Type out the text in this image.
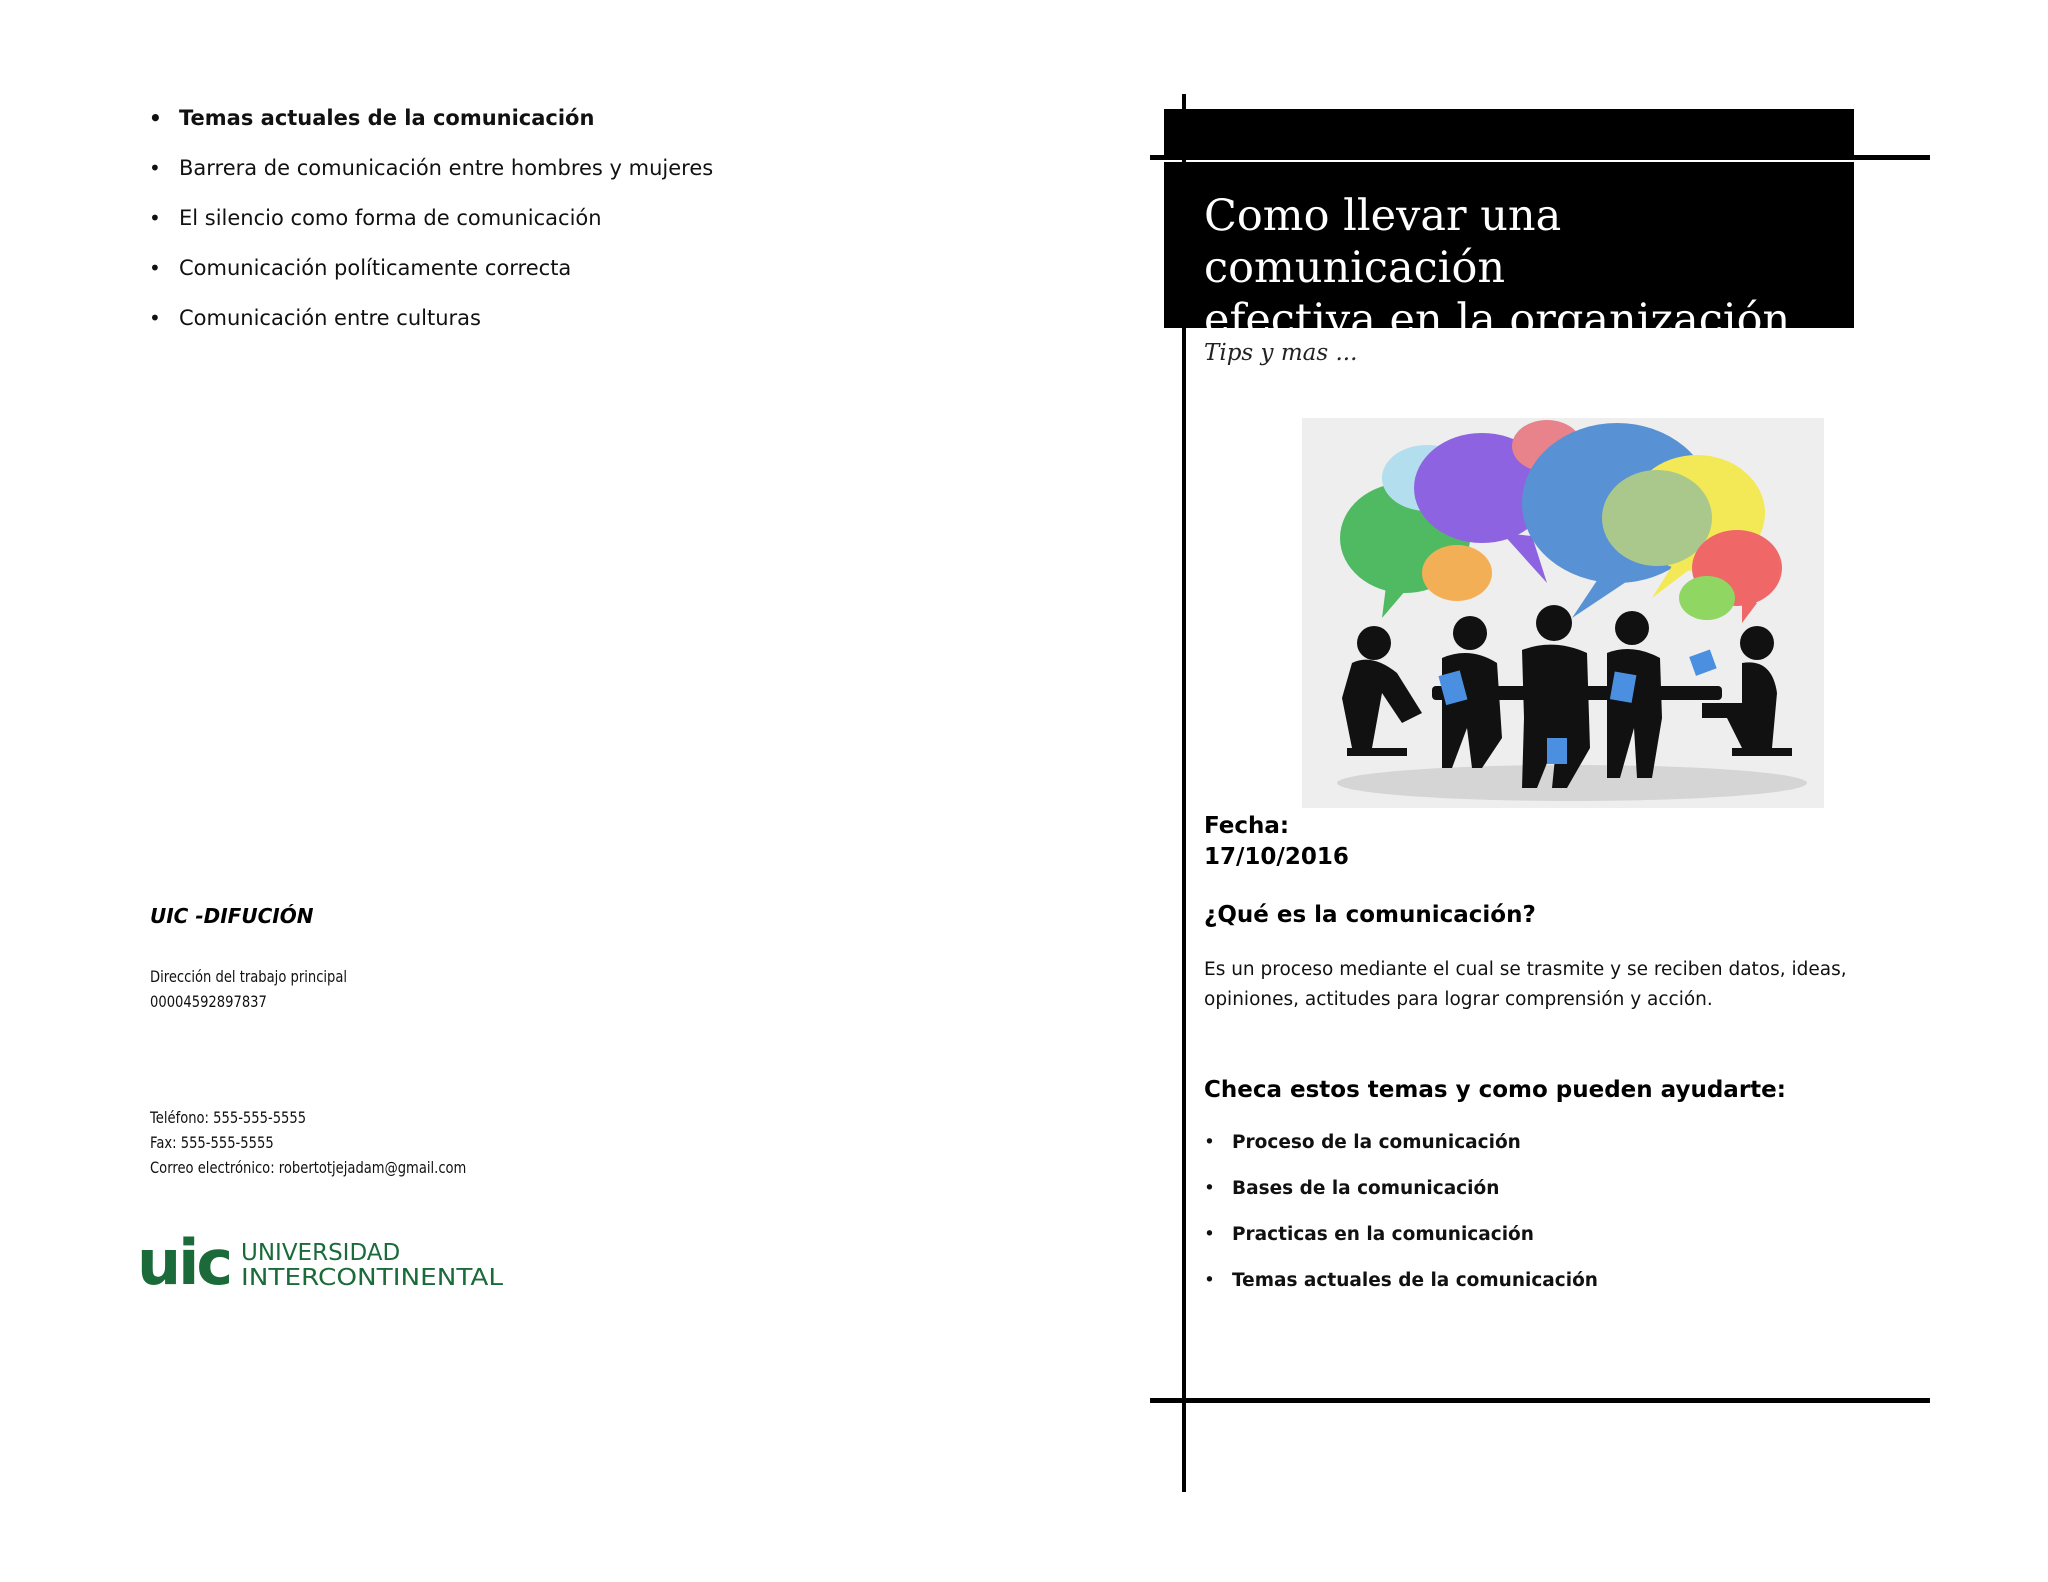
• Temas actuales de la comunicación
• Barrera de comunicación entre hombres y mujeres
• El silencio como forma de comunicación
• Comunicación políticamente correcta
• Comunicación entre culturas
UIC -DIFUCIÓN
Dirección del trabajo principal
00004592897837
Teléfono: 555-555-5555
Fax: 555-555-5555
Correo electrónico: robertotjejadam@gmail.com
uic UNIVERSIDAD
INTERCONTINENTAL
Como llevar una comunicación
efectiva en la organización
Tips y mas ...
Fecha:
17/10/2016
¿Qué es la comunicación?
Es un proceso mediante el cual se trasmite y se reciben datos, ideas, opiniones, actitudes para lograr comprensión y acción.
Checa estos temas y como pueden ayudarte:
• Proceso de la comunicación
• Bases de la comunicación
• Practicas en la comunicación
• Temas actuales de la comunicación
